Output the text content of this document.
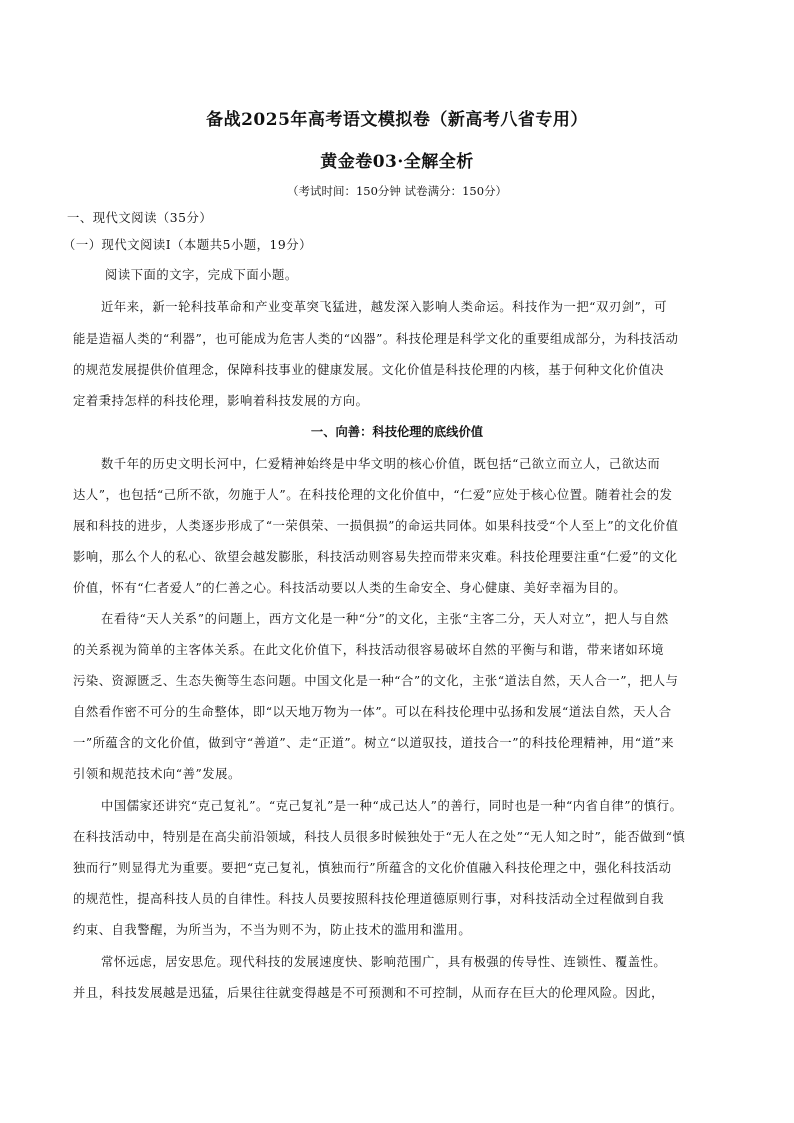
备战2025年高考语文模拟卷（新高考八省专用）
黄金卷03·全解全析
（考试时间：150分钟 试卷满分：150分）
一、现代文阅读（35分）
（一）现代文阅读Ⅰ（本题共5小题，19分）
阅读下面的文字，完成下面小题。
近年来，新一轮科技革命和产业变革突飞猛进，越发深入影响人类命运。科技作为一把“双刃剑”，可
能是造福人类的“利器”，也可能成为危害人类的“凶器”。科技伦理是科学文化的重要组成部分，为科技活动
的规范发展提供价值理念，保障科技事业的健康发展。文化价值是科技伦理的内核，基于何种文化价值决
定着秉持怎样的科技伦理，影响着科技发展的方向。
一、向善：科技伦理的底线价值
数千年的历史文明长河中，仁爱精神始终是中华文明的核心价值，既包括“己欲立而立人，己欲达而
达人”，也包括“己所不欲，勿施于人”。在科技伦理的文化价值中，“仁爱”应处于核心位置。随着社会的发
展和科技的进步，人类逐步形成了“一荣俱荣、一损俱损”的命运共同体。如果科技受“个人至上”的文化价值
影响，那么个人的私心、欲望会越发膨胀，科技活动则容易失控而带来灾难。科技伦理要注重“仁爱”的文化
价值，怀有“仁者爱人”的仁善之心。科技活动要以人类的生命安全、身心健康、美好幸福为目的。
在看待“天人关系”的问题上，西方文化是一种“分”的文化，主张“主客二分，天人对立”，把人与自然
的关系视为简单的主客体关系。在此文化价值下，科技活动很容易破坏自然的平衡与和谐，带来诸如环境
污染、资源匮乏、生态失衡等生态问题。中国文化是一种“合”的文化，主张“道法自然，天人合一”，把人与
自然看作密不可分的生命整体，即“以天地万物为一体”。可以在科技伦理中弘扬和发展“道法自然，天人合
一”所蕴含的文化价值，做到守“善道”、走“正道”。树立“以道驭技，道技合一”的科技伦理精神，用“道”来
引领和规范技术向“善”发展。
中国儒家还讲究“克己复礼”。“克己复礼”是一种“成己达人”的善行，同时也是一种“内省自律”的慎行。
在科技活动中，特别是在高尖前沿领域，科技人员很多时候独处于“无人在之处”“无人知之时”，能否做到“慎
独而行”则显得尤为重要。要把“克己复礼，慎独而行”所蕴含的文化价值融入科技伦理之中，强化科技活动
的规范性，提高科技人员的自律性。科技人员要按照科技伦理道德原则行事，对科技活动全过程做到自我
约束、自我警醒，为所当为，不当为则不为，防止技术的滥用和滥用。
常怀远虑，居安思危。现代科技的发展速度快、影响范围广，具有极强的传导性、连锁性、覆盖性。
并且，科技发展越是迅猛，后果往往就变得越是不可预测和不可控制，从而存在巨大的伦理风险。因此，
